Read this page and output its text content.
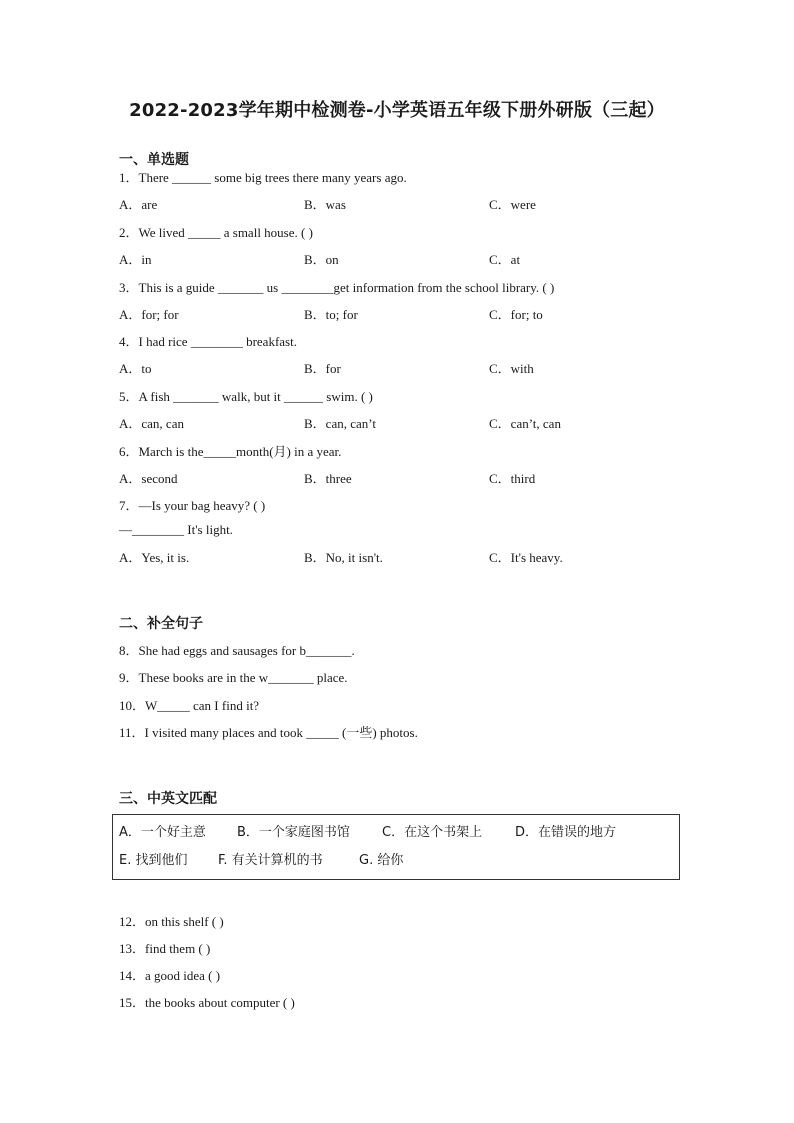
2022-2023学年期中检测卷-小学英语五年级下册外研版（三起）
一、单选题
1．There ______ some big trees there many years ago.
A．are	B．was	C．were
2．We lived _____ a small house. ( )
A．in	B．on	C．at
3．This is a guide _______ us ________get information from the school library. ( )
A．for; for	B．to; for	C．for; to
4．I had rice ________ breakfast.
A．to	B．for	C．with
5．A fish _______ walk, but it ______ swim. ( )
A．can, can	B．can, can’t	C．can’t, can
6．March is the_____month(月) in a year.
A．second	B．three	C．third
7．—Is your bag heavy? ( )
—________ It's light.
A．Yes, it is.	B．No, it isn't.	C．It's heavy.
二、补全句子
8．She had eggs and sausages for b_______.
9．These books are in the w_______ place.
10．W_____ can I find it?
11．I visited many places and took _____ (一些) photos.
三、中英文匹配
A．一个好主意 B．一个家庭图书馆 C．在这个书架上	D．在错误的地方
E. 找到他们 F. 有关计算机的书	G. 给你
12．on this shelf ( )
13．find them ( )
14．a good idea ( )
15．the books about computer ( )
